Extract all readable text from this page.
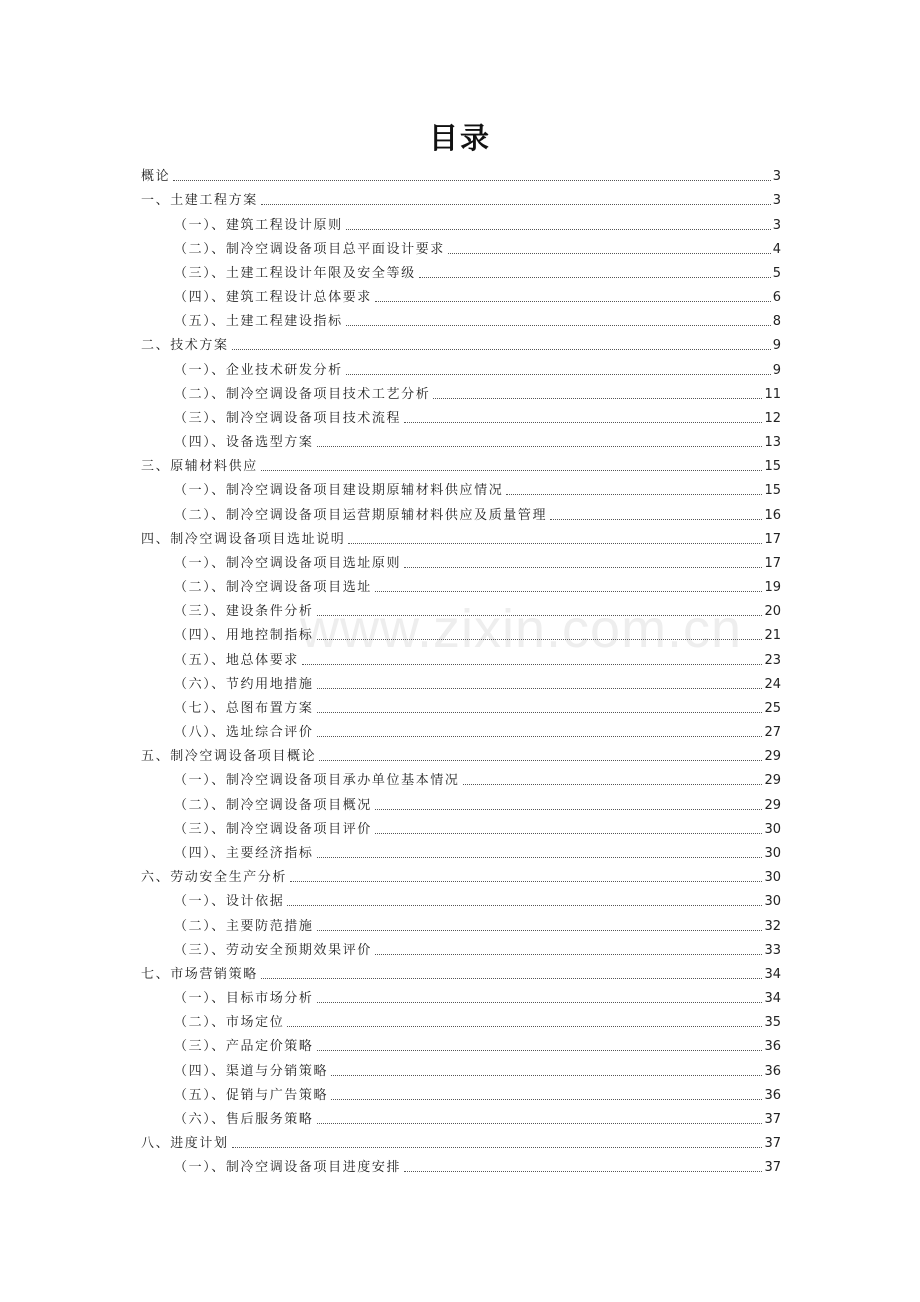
www.zixin.com.cn
目录
概论	3
一、土建工程方案	3
（一）、建筑工程设计原则	3
（二）、制冷空调设备项目总平面设计要求	4
（三）、土建工程设计年限及安全等级	5
（四）、建筑工程设计总体要求	6
（五）、土建工程建设指标	8
二、技术方案	9
（一）、企业技术研发分析	9
（二）、制冷空调设备项目技术工艺分析	11
（三）、制冷空调设备项目技术流程	12
（四）、设备选型方案	13
三、原辅材料供应	15
（一）、制冷空调设备项目建设期原辅材料供应情况	15
（二）、制冷空调设备项目运营期原辅材料供应及质量管理	16
四、制冷空调设备项目选址说明	17
（一）、制冷空调设备项目选址原则	17
（二）、制冷空调设备项目选址	19
（三）、建设条件分析	20
（四）、用地控制指标	21
（五）、地总体要求	23
（六）、节约用地措施	24
（七）、总图布置方案	25
（八）、选址综合评价	27
五、制冷空调设备项目概论	29
（一）、制冷空调设备项目承办单位基本情况	29
（二）、制冷空调设备项目概况	29
（三）、制冷空调设备项目评价	30
（四）、主要经济指标	30
六、劳动安全生产分析	30
（一）、设计依据	30
（二）、主要防范措施	32
（三）、劳动安全预期效果评价	33
七、市场营销策略	34
（一）、目标市场分析	34
（二）、市场定位	35
（三）、产品定价策略	36
（四）、渠道与分销策略	36
（五）、促销与广告策略	36
（六）、售后服务策略	37
八、进度计划	37
（一）、制冷空调设备项目进度安排	37
